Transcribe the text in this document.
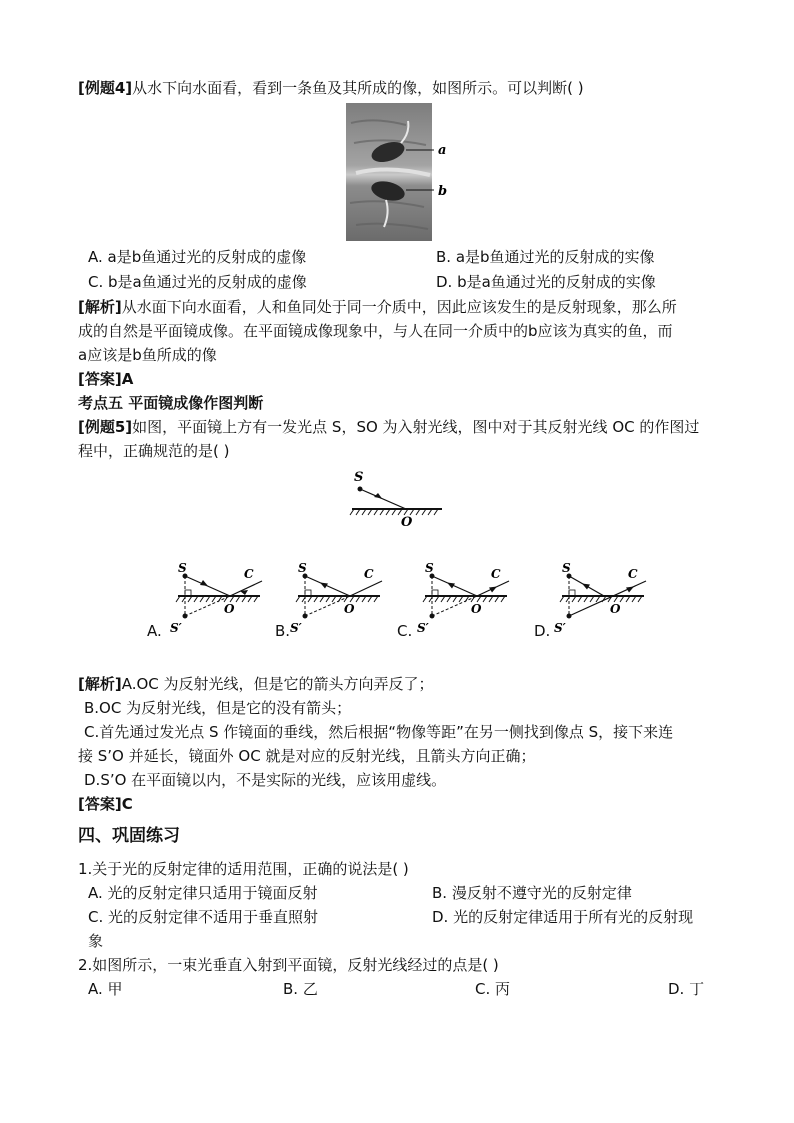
[例题4]从水下向水面看，看到一条鱼及其所成的像，如图所示。可以判断( )
a
b
A. a是b鱼通过光的反射成的虚像	B. a是b鱼通过光的反射成的实像
C. b是a鱼通过光的反射成的虚像	D. b是a鱼通过光的反射成的实像
[解析]从水面下向水面看，人和鱼同处于同一介质中，因此应该发生的是反射现象，那么所
成的自然是平面镜成像。在平面镜成像现象中，与人在同一介质中的b应该为真实的鱼，而
a应该是b鱼所成的像
[答案]A
考点五 平面镜成像作图判断
[例题5]如图，平面镜上方有一发光点 S，SO 为入射光线，图中对于其反射光线 OC 的作图过
程中，正确规范的是( )
S
O
S
S′
O
C	S
S′
O
C	S
S′
O
C	S
S′
O
C
A.	B.	C.	D.
[解析]A.OC 为反射光线，但是它的箭头方向弄反了；
B.OC 为反射光线，但是它的没有箭头；
C.首先通过发光点 S 作镜面的垂线，然后根据“物像等距”在另一侧找到像点 S，接下来连
接 S’O 并延长，镜面外 OC 就是对应的反射光线，且箭头方向正确；
D.S’O 在平面镜以内，不是实际的光线，应该用虚线。
[答案]C
四、巩固练习
1.关于光的反射定律的适用范围，正确的说法是( )
A. 光的反射定律只适用于镜面反射	B. 漫反射不遵守光的反射定律
C. 光的反射定律不适用于垂直照射	D. 光的反射定律适用于所有光的反射现
象
2.如图所示，一束光垂直入射到平面镜，反射光线经过的点是( )
A. 甲	B. 乙	C. 丙	D. 丁
